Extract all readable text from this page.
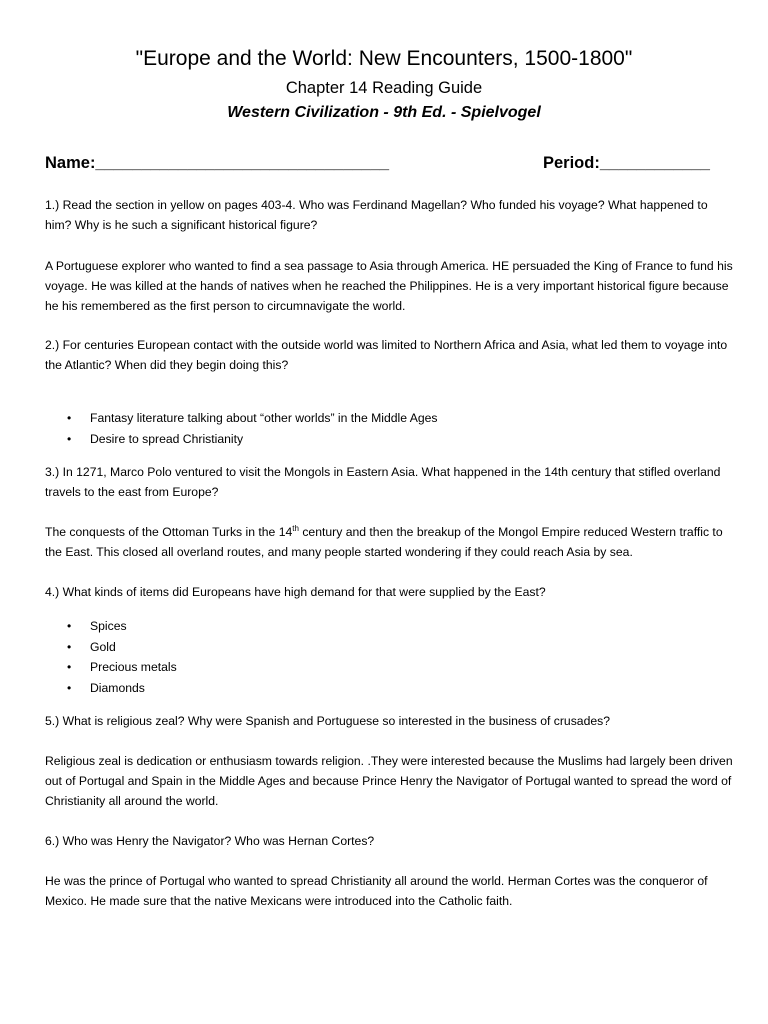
"Europe and the World: New Encounters, 1500-1800"
Chapter 14 Reading Guide
Western Civilization - 9th Ed. - Spielvogel
Name:________________________________	Period:____________
1.) Read the section in yellow on pages 403-4. Who was Ferdinand Magellan? Who funded his voyage? What happened to him? Why is he such a significant historical figure?
A Portuguese explorer who wanted to find a sea passage to Asia through America. HE persuaded the King of France to fund his voyage. He was killed at the hands of natives when he reached the Philippines. He is a very important historical figure because he his remembered as the first person to circumnavigate the world.
2.) For centuries European contact with the outside world was limited to Northern Africa and Asia, what led them to voyage into the Atlantic? When did they begin doing this?
• Fantasy literature talking about “other worlds” in the Middle Ages
• Desire to spread Christianity
3.) In 1271, Marco Polo ventured to visit the Mongols in Eastern Asia. What happened in the 14th century that stifled overland travels to the east from Europe?
The conquests of the Ottoman Turks in the 14th century and then the breakup of the Mongol Empire reduced Western traffic to the East. This closed all overland routes, and many people started wondering if they could reach Asia by sea.
4.) What kinds of items did Europeans have high demand for that were supplied by the East?
• Spices
• Gold
• Precious metals
• Diamonds
5.) What is religious zeal? Why were Spanish and Portuguese so interested in the business of crusades?
Religious zeal is dedication or enthusiasm towards religion. .They were interested because the Muslims had largely been driven out of Portugal and Spain in the Middle Ages and because Prince Henry the Navigator of Portugal wanted to spread the word of Christianity all around the world.
6.) Who was Henry the Navigator? Who was Hernan Cortes?
He was the prince of Portugal who wanted to spread Christianity all around the world. Herman Cortes was the conqueror of Mexico. He made sure that the native Mexicans were introduced into the Catholic faith.
